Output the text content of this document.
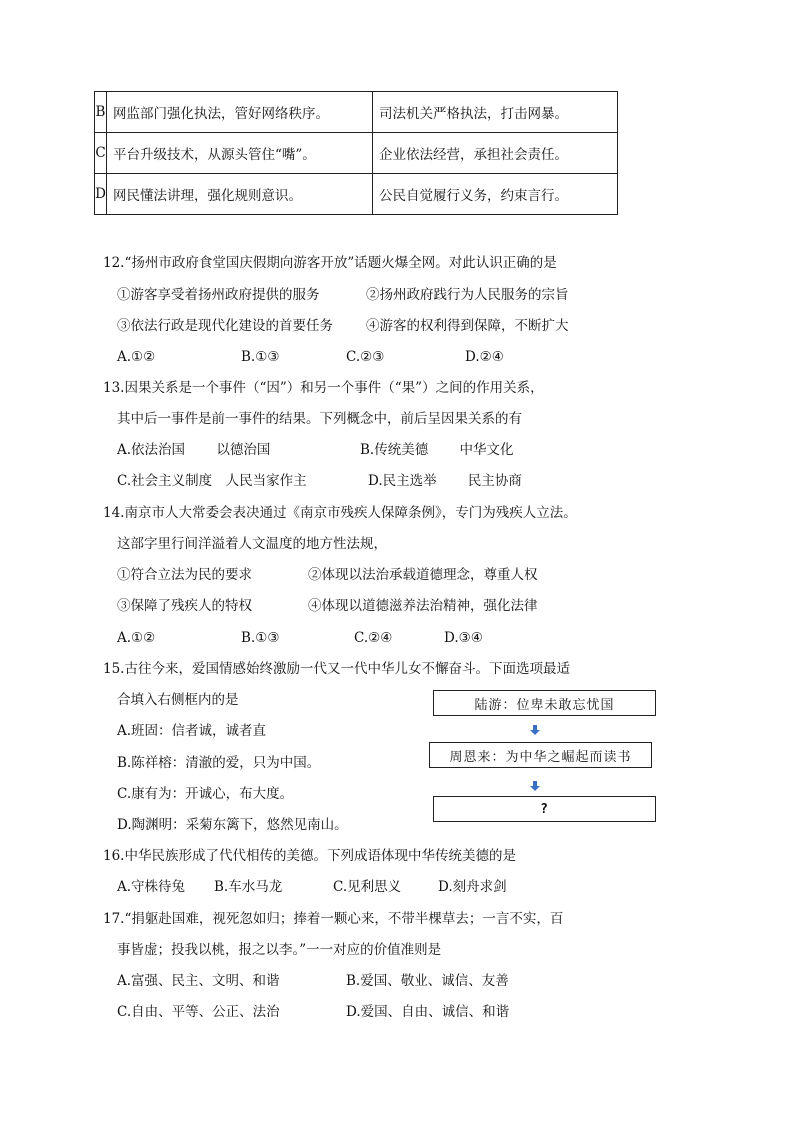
B	网监部门强化执法，管好网络秩序。	司法机关严格执法，打击网暴。
C	平台升级技术，从源头管住“嘴”。	企业依法经营，承担社会责任。
D	网民懂法讲理，强化规则意识。	公民自觉履行义务，约束言行。
12.“扬州市政府食堂国庆假期向游客开放”话题火爆全网。对此认识正确的是
①游客享受着扬州政府提供的服务	②扬州政府践行为人民服务的宗旨
③依法行政是现代化建设的首要任务 ④游客的权利得到保障，不断扩大
A.①②	B.①③	C.②③	D.②④
13.因果关系是一个事件（“因”）和另一个事件（“果”）之间的作用关系，
其中后一事件是前一事件的结果。下列概念中，前后呈因果关系的有
A.依法治国　　 以德治国	B.传统美德　　 中华文化
C.社会主义制度　人民当家作主	D.民主选举　　 民主协商
14.南京市人大常委会表决通过《南京市残疾人保障条例》，专门为残疾人立法。
这部字里行间洋溢着人文温度的地方性法规，
①符合立法为民的要求	②体现以法治承载道德理念，尊重人权
③保障了残疾人的特权	④体现以道德滋养法治精神，强化法律
A.①②	B.①③	C.②④	D.③④
15.古往今来，爱国情感始终激励一代又一代中华儿女不懈奋斗。下面选项最适
合填入右侧框内的是
A.班固：信者诚，诚者直
B.陈祥榕：清澈的爱，只为中国。
C.康有为：开诚心，布大度。
D.陶渊明：采菊东篱下，悠然见南山。
陆游：位卑未敢忘忧国
周恩来：为中华之崛起而读书
?
16.中华民族形成了代代相传的美德。下列成语体现中华传统美德的是
A.守株待兔 B.车水马龙	C.见利思义	D.刻舟求剑
17.“捐躯赴国难，视死忽如归；捧着一颗心来，不带半棵草去；一言不实，百
事皆虚；投我以桃，报之以李。”一一对应的价值准则是
A.富强、民主、文明、和谐	B.爱国、敬业、诚信、友善
C.自由、平等、公正、法治	D.爱国、自由、诚信、和谐
